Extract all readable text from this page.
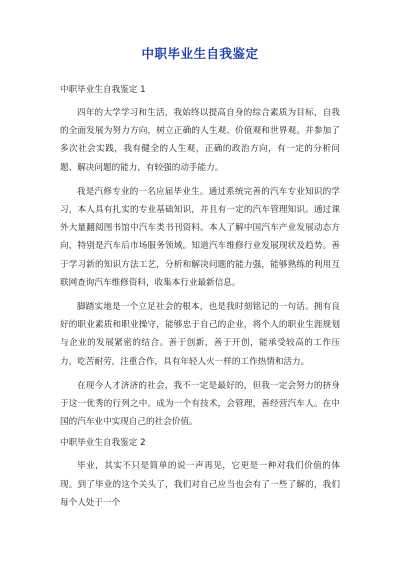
中职毕业生自我鉴定
中职毕业生自我鉴定 1

四年的大学学习和生活，我始终以提高自身的综合素质为目标，自我的全面发展为努力方向，树立正确的人生观、价值观和世界观。并参加了多次社会实践，我有健全的人生观，正确的政治方向，有一定的分析问题、解决问题的能力，有较强的动手能力。

我是汽修专业的一名应届毕业生。通过系统完善的汽车专业知识的学习，本人具有扎实的专业基础知识，并且有一定的汽车管理知识。通过课外大量翻阅图书馆中汽车类书刊资料。本人了解中国汽车产业发展动态方向，特别是汽车后市场服务领域。知道汽车维修行业发展现状及趋势。善于学习新的知识方法工艺，分析和解决问题的能力强，能够熟练的利用互联网查询汽车维修资料，收集本行业最新信息。

脚踏实地是一个立足社会的根本，也是我时刻铭记的一句话。拥有良好的职业素质和职业操守，能够忠于自己的企业，将个人的职业生涯规划与企业的发展紧密的结合。善于创新，善于开创，能承受较高的工作压力，吃苦耐劳，注重合作，具有年轻人火一样的工作热情和活力。

在现今人才济济的社会，我不一定是最好的，但我一定会努力的挤身于这一优秀的行列之中。成为一个有技术，会管理，善经营汽车人。在中国的汽车业中实现自己的社会价值。

中职毕业生自我鉴定 2

毕业，其实不只是简单的说一声再见，它更是一种对我们价值的体现。到了毕业的这个关头了，我们对自己应当也会有了一些了解的，我们每个人处于一个
